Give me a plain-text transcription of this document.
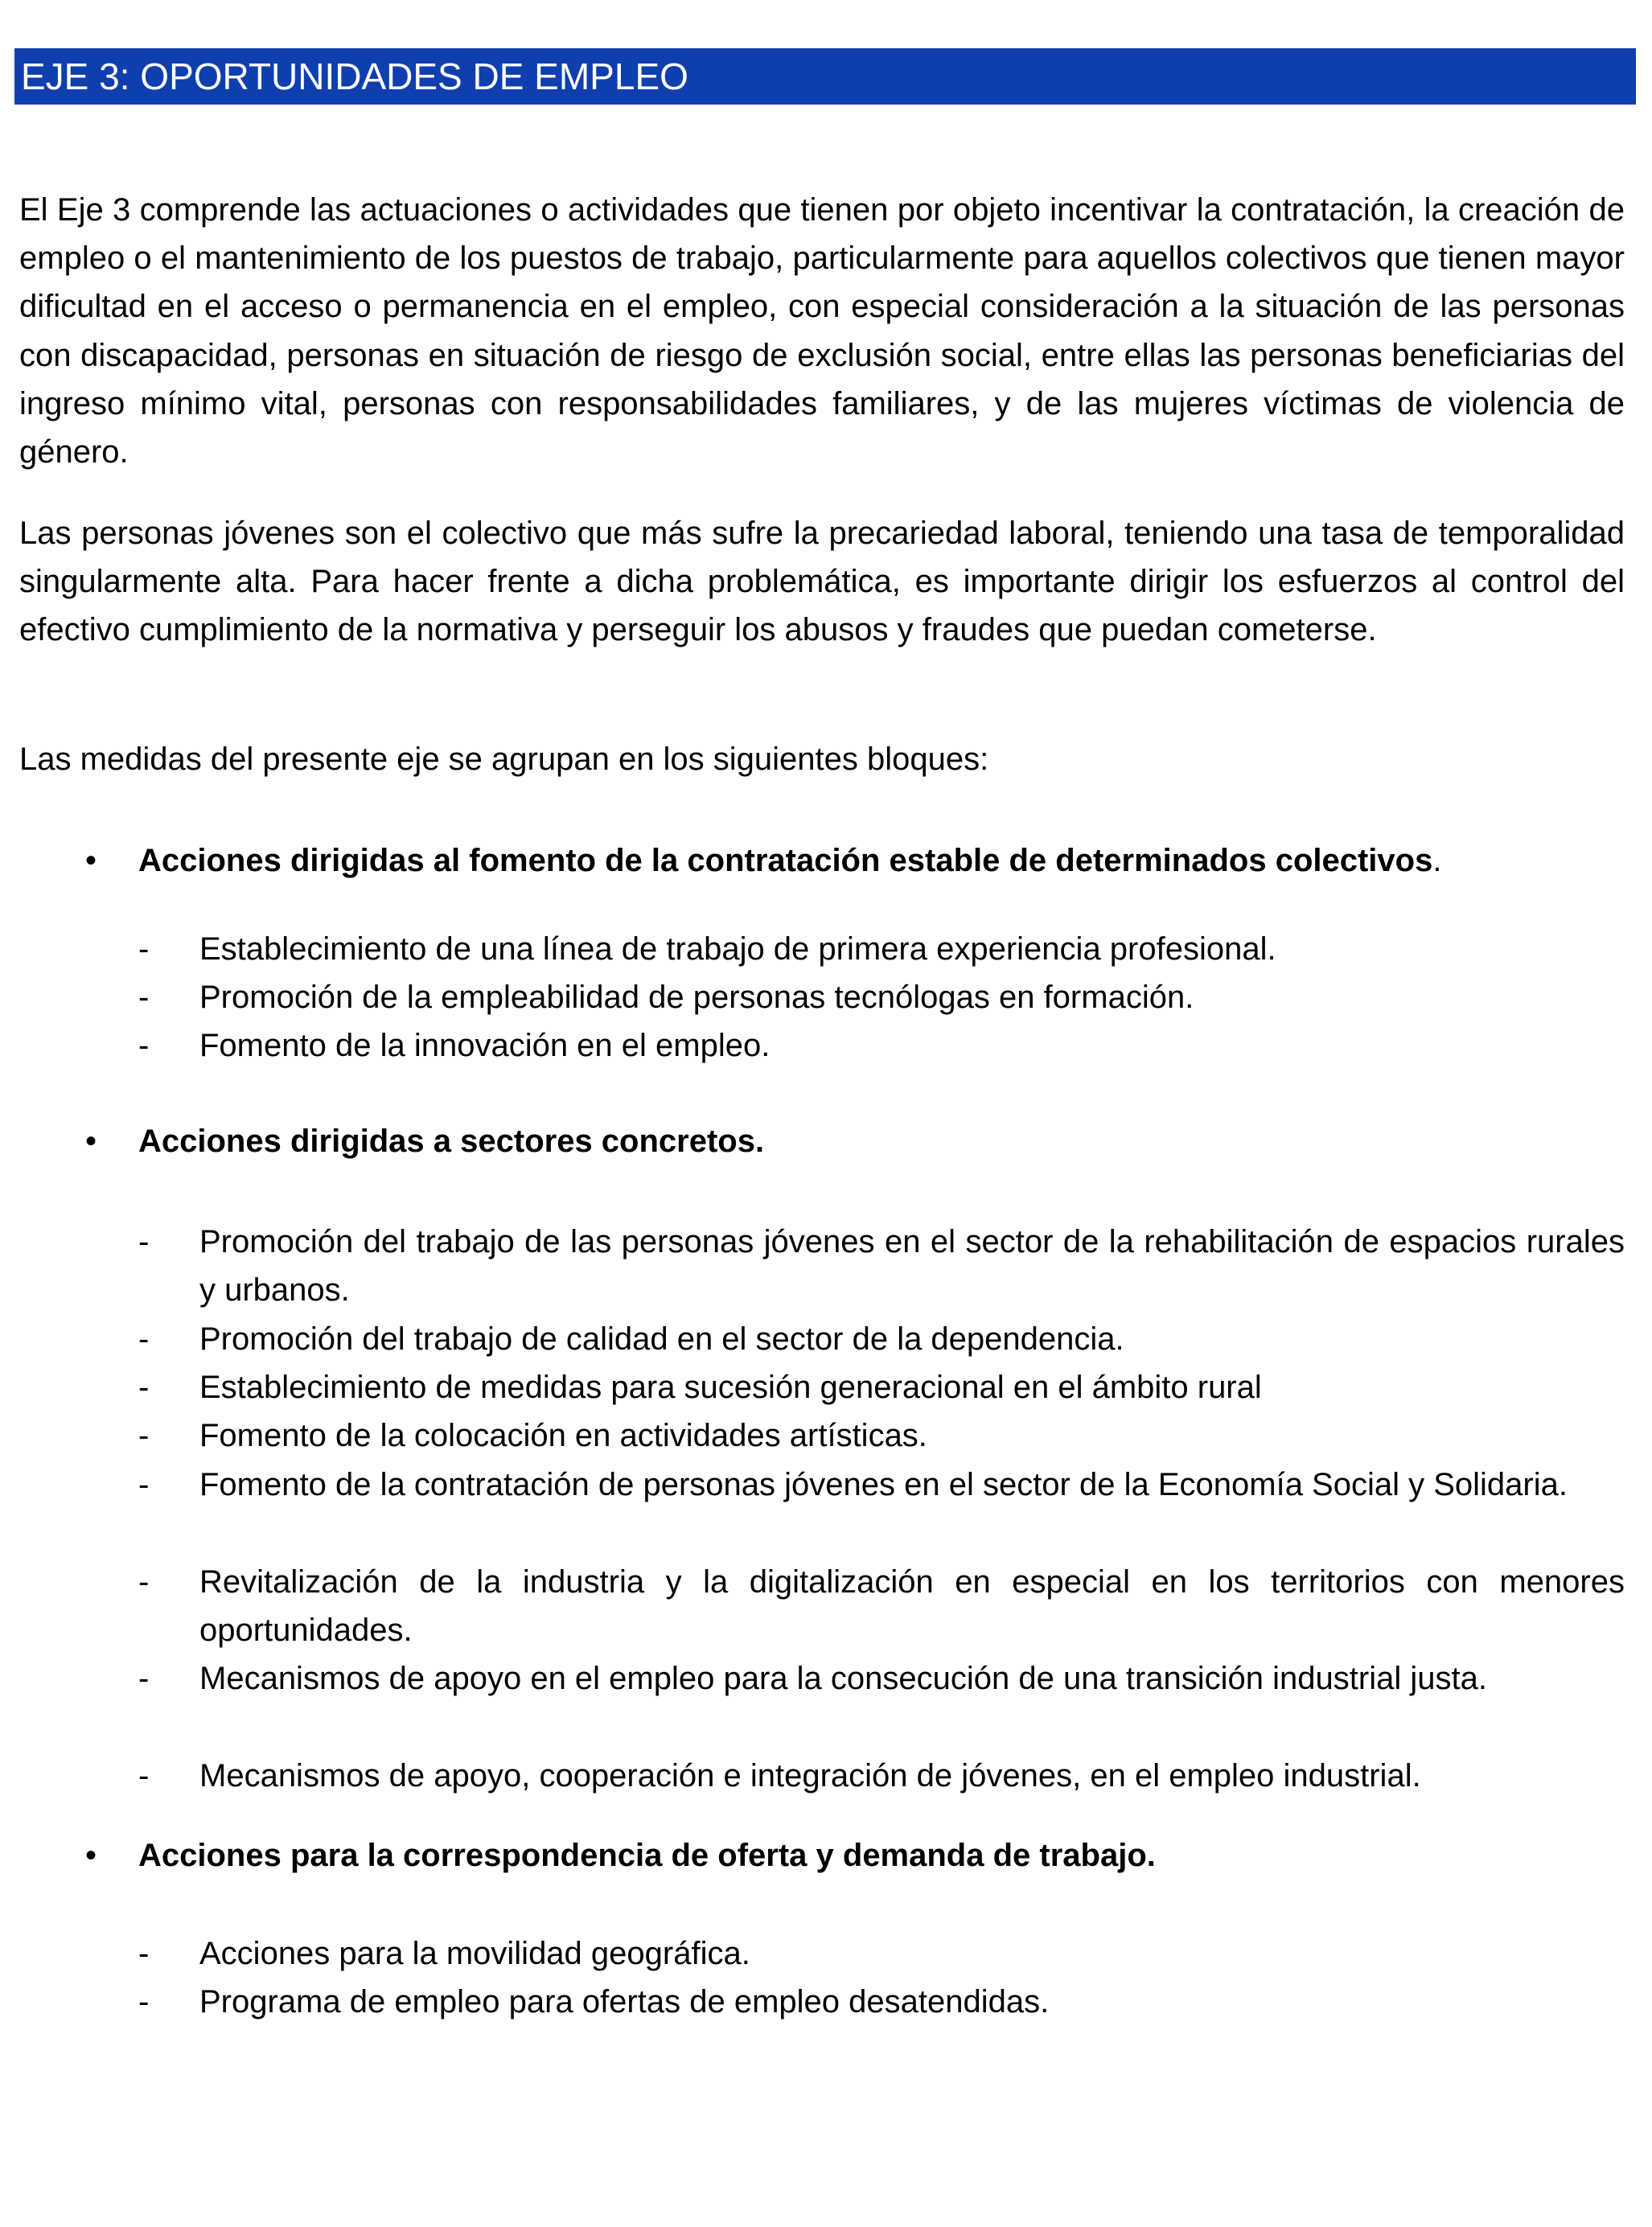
EJE 3: OPORTUNIDADES DE EMPLEO

El Eje 3 comprende las actuaciones o actividades que tienen por objeto incentivar la contratación, la creación de empleo o el mantenimiento de los puestos de trabajo, particularmente para aquellos colectivos que tienen mayor dificultad en el acceso o permanencia en el empleo, con especial consideración a la situación de las personas con discapacidad, personas en situación de riesgo de exclusión social, entre ellas las personas beneficiarias del ingreso mínimo vital, personas con responsabilidades familiares, y de las mujeres víctimas de violencia de género.

Las personas jóvenes son el colectivo que más sufre la precariedad laboral, teniendo una tasa de temporalidad singularmente alta. Para hacer frente a dicha problemática, es importante dirigir los esfuerzos al control del efectivo cumplimiento de la normativa y perseguir los abusos y fraudes que puedan cometerse.

Las medidas del presente eje se agrupan en los siguientes bloques:

•	Acciones dirigidas al fomento de la contratación estable de determinados colectivos.
-	Establecimiento de una línea de trabajo de primera experiencia profesional.
-	Promoción de la empleabilidad de personas tecnólogas en formación.
-	Fomento de la innovación en el empleo.
•	Acciones dirigidas a sectores concretos.
-	Promoción del trabajo de las personas jóvenes en el sector de la rehabilitación de espacios rurales y urbanos.
-	Promoción del trabajo de calidad en el sector de la dependencia.
-	Establecimiento de medidas para sucesión generacional en el ámbito rural
-	Fomento de la colocación en actividades artísticas.
-	Fomento de la contratación de personas jóvenes en el sector de la Economía Social y Solidaria.
-	Revitalización de la industria y la digitalización en especial en los territorios con menores oportunidades.
-	Mecanismos de apoyo en el empleo para la consecución de una transición industrial justa.
-	Mecanismos de apoyo, cooperación e integración de jóvenes, en el empleo industrial.
•	Acciones para la correspondencia de oferta y demanda de trabajo.
-	Acciones para la movilidad geográfica.
-	Programa de empleo para ofertas de empleo desatendidas.
